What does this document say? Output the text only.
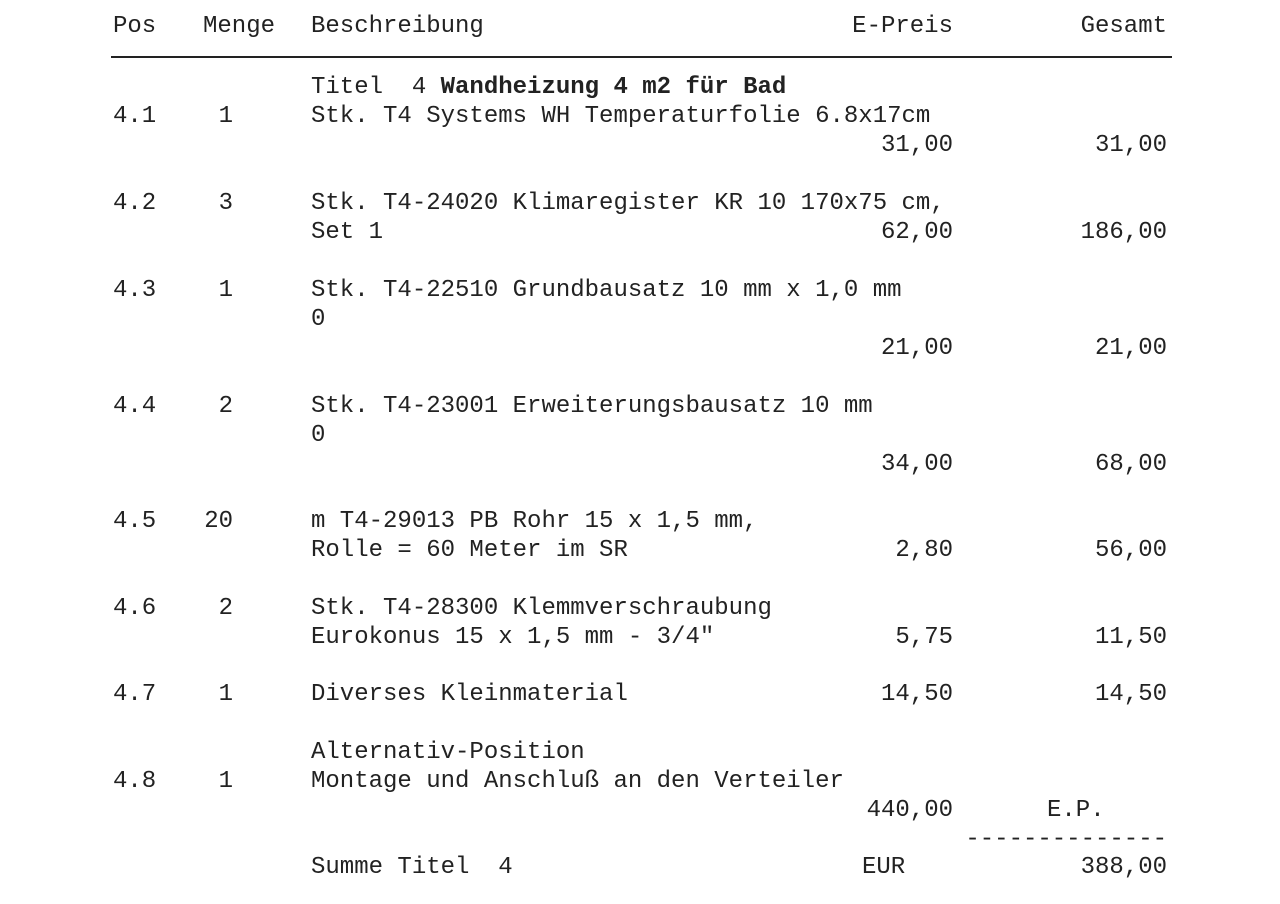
Pos Menge Beschreibung	E-Preis	Gesamt
Titel  4 Wandheizung 4 m2 für Bad
4.1	1	Stk. T4 Systems WH Temperaturfolie 6.8x17cm
31,00	31,00
4.2	3	Stk. T4-24020 Klimaregister KR 10 170x75 cm,
Set 1	62,00	186,00
4.3	1	Stk. T4-22510 Grundbausatz 10 mm x 1,0 mm
0
21,00	21,00
4.4	2	Stk. T4-23001 Erweiterungsbausatz 10 mm
0
34,00	68,00
4.5	20	m T4-29013 PB Rohr 15 x 1,5 mm,
Rolle = 60 Meter im SR	2,80	56,00
4.6	2	Stk. T4-28300 Klemmverschraubung
Eurokonus 15 x 1,5 mm - 3/4"	5,75	11,50
4.7	1	Diverses Kleinmaterial	14,50	14,50
Alternativ-Position
4.8	1	Montage und Anschluß an den Verteiler
440,00	E.P.
--------------
Summe Titel  4	EUR	388,00
